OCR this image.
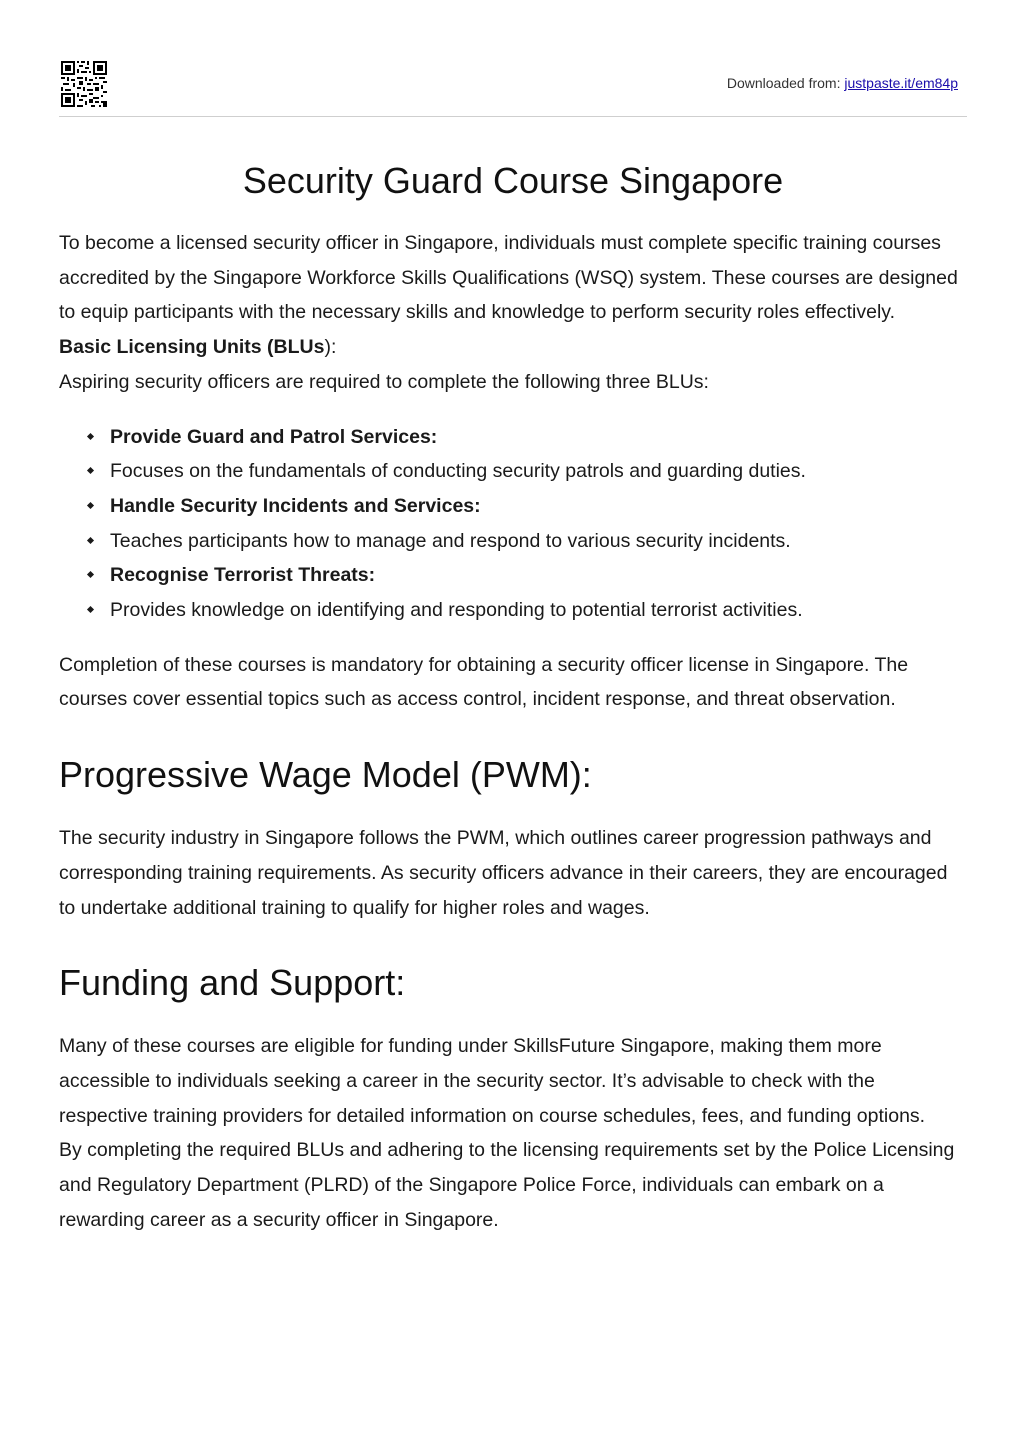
Downloaded from: justpaste.it/em84p
Security Guard Course Singapore

To become a licensed security officer in Singapore, individuals must complete specific training courses accredited by the Singapore Workforce Skills Qualifications (WSQ) system. These courses are designed to equip participants with the necessary skills and knowledge to perform security roles effectively.

Basic Licensing Units (BLUs):

Aspiring security officers are required to complete the following three BLUs:

Provide Guard and Patrol Services:
Focuses on the fundamentals of conducting security patrols and guarding duties.
Handle Security Incidents and Services:
Teaches participants how to manage and respond to various security incidents.
Recognise Terrorist Threats:
Provides knowledge on identifying and responding to potential terrorist activities.

Completion of these courses is mandatory for obtaining a security officer license in Singapore. The courses cover essential topics such as access control, incident response, and threat observation.

Progressive Wage Model (PWM):

The security industry in Singapore follows the PWM, which outlines career progression pathways and corresponding training requirements. As security officers advance in their careers, they are encouraged to undertake additional training to qualify for higher roles and wages.

Funding and Support:

Many of these courses are eligible for funding under SkillsFuture Singapore, making them more accessible to individuals seeking a career in the security sector. It’s advisable to check with the respective training providers for detailed information on course schedules, fees, and funding options.

By completing the required BLUs and adhering to the licensing requirements set by the Police Licensing and Regulatory Department (PLRD) of the Singapore Police Force, individuals can embark on a rewarding career as a security officer in Singapore.
